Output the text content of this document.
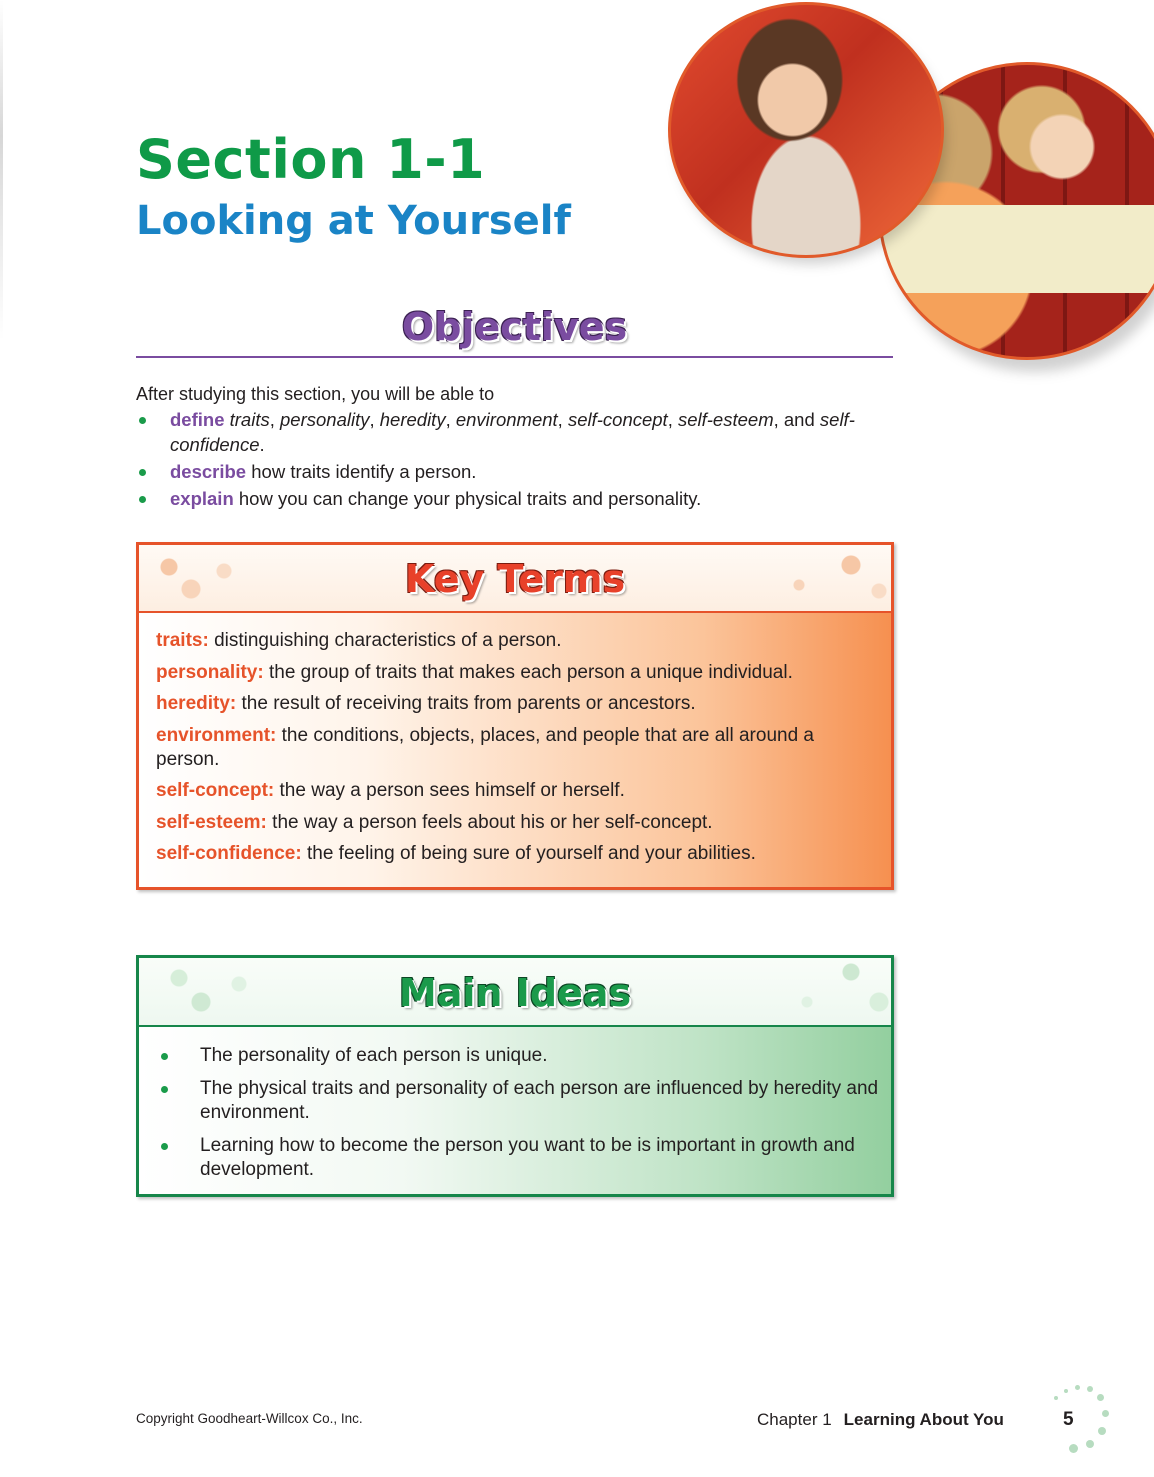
Section 1-1
Looking at Yourself
Objectives

After studying this section, you will be able to

define traits, personality, heredity, environment, self-concept, self-esteem, and self-confidence.
describe how traits identify a person.
explain how you can change your physical traits and personality.
Key Terms
traits: distinguishing characteristics of a person.
personality: the group of traits that makes each person a unique individual.
heredity: the result of receiving traits from parents or ancestors.
environment: the conditions, objects, places, and people that are all around a person.
self-concept: the way a person sees himself or herself.
self-esteem: the way a person feels about his or her self-concept.
self-confidence: the feeling of being sure of yourself and your abilities.
Main Ideas
The personality of each person is unique.
The physical traits and personality of each person are influenced by heredity and environment.
Learning how to become the person you want to be is important in growth and development.

Copyright Goodheart-Willcox Co., Inc.	Chapter 1 Learning About You	5
